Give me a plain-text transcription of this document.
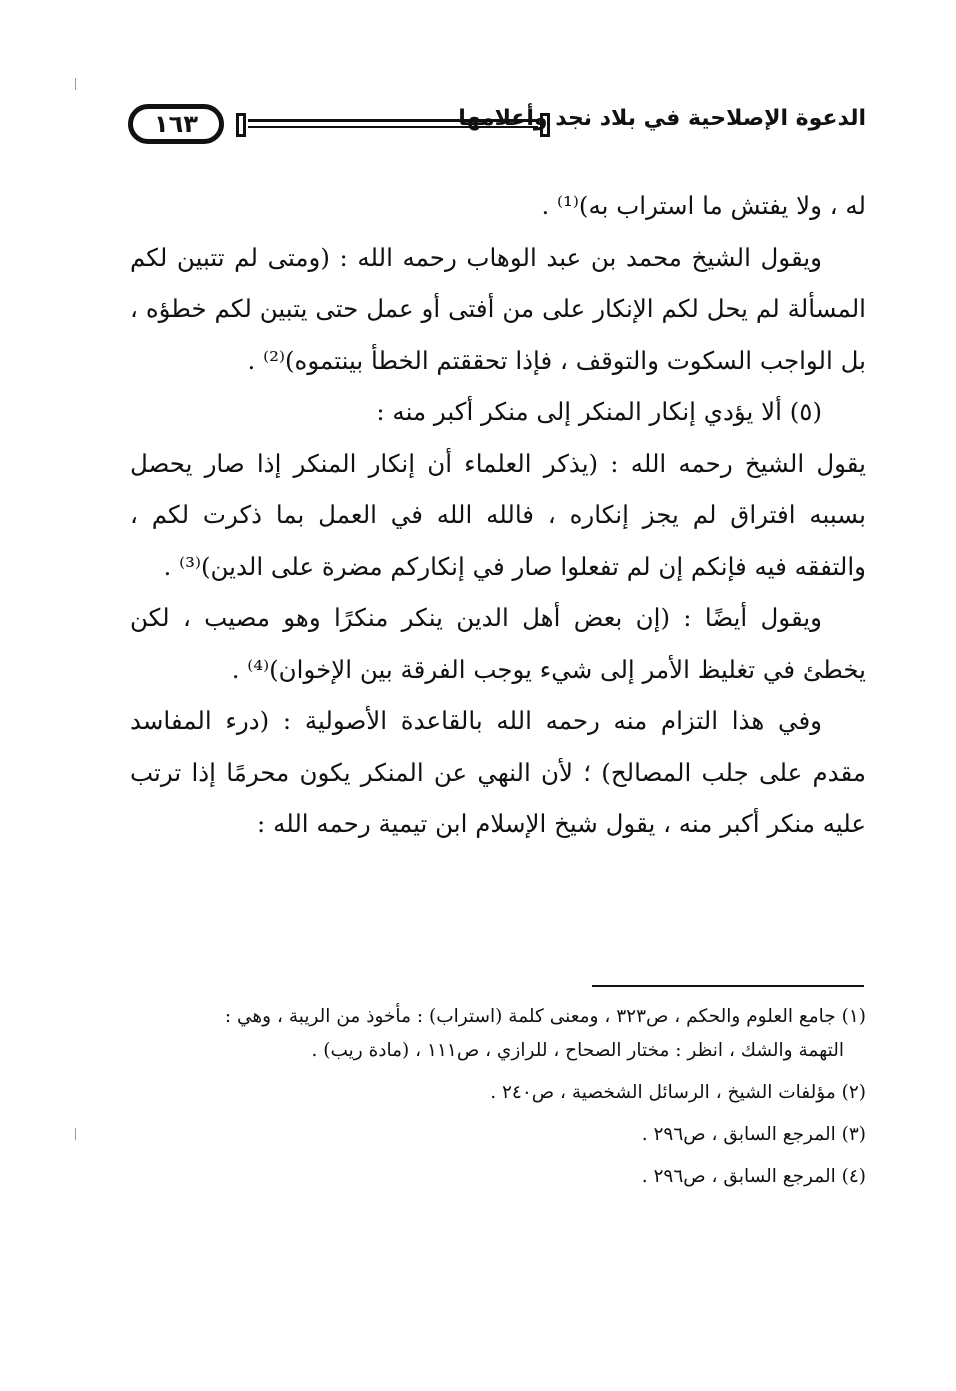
١٦٣	الدعوة الإصلاحية في بلاد نجد وأعلامها

له ، ولا يفتش ما استراب به)⁽¹⁾ .

ويقول الشيخ محمد بن عبد الوهاب رحمه الله : (ومتى لم تتبين لكم المسألة لم يحل لكم الإنكار على من أفتى أو عمل حتى يتبين لكم خطؤه ، بل الواجب السكوت والتوقف ، فإذا تحققتم الخطأ بينتموه)⁽²⁾ .

(٥) ألا يؤدي إنكار المنكر إلى منكر أكبر منه :

يقول الشيخ رحمه الله : (يذكر العلماء أن إنكار المنكر إذا صار يحصل بسببه افتراق لم يجز إنكاره ، فالله الله في العمل بما ذكرت لكم ، والتفقه فيه فإنكم إن لم تفعلوا صار في إنكاركم مضرة على الدين)⁽³⁾ .

ويقول أيضًا : (إن بعض أهل الدين ينكر منكرًا وهو مصيب ، لكن يخطئ في تغليظ الأمر إلى شيء يوجب الفرقة بين الإخوان)⁽⁴⁾ .

وفي هذا التزام منه رحمه الله بالقاعدة الأصولية : (درء المفاسد مقدم على جلب المصالح) ؛ لأن النهي عن المنكر يكون محرمًا إذا ترتب عليه منكر أكبر منه ، يقول شيخ الإسلام ابن تيمية رحمه الله :

(١) جامع العلوم والحكم ، ص٣٢٣ ، ومعنى كلمة (استراب) : مأخوذ من الريبة ، وهي :

التهمة والشك ، انظر : مختار الصحاح ، للرازي ، ص١١١ ، (مادة ريب) .

(٢) مؤلفات الشيخ ، الرسائل الشخصية ، ص٢٤٠ .

(٣) المرجع السابق ، ص٢٩٦ .

(٤) المرجع السابق ، ص٢٩٦ .
